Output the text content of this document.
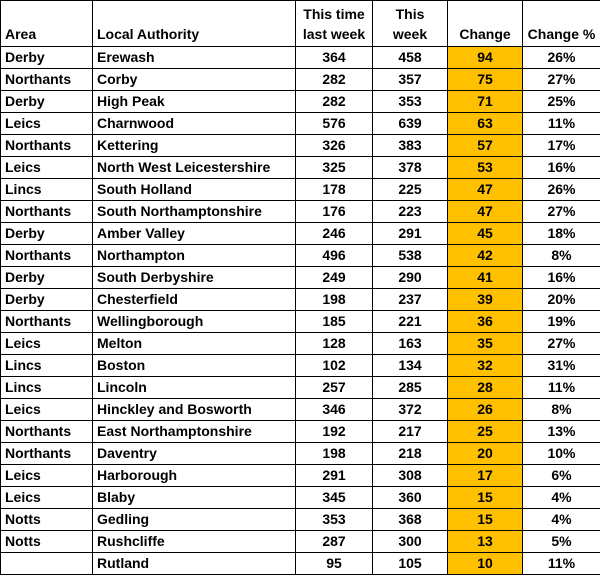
Area	Local Authority	This time last week	This week	Change	Change %
Derby	Erewash	364	458	94	26%
Northants	Corby	282	357	75	27%
Derby	High Peak	282	353	71	25%
Leics	Charnwood	576	639	63	11%
Northants	Kettering	326	383	57	17%
Leics	North West Leicestershire	325	378	53	16%
Lincs	South Holland	178	225	47	26%
Northants	South Northamptonshire	176	223	47	27%
Derby	Amber Valley	246	291	45	18%
Northants	Northampton	496	538	42	8%
Derby	South Derbyshire	249	290	41	16%
Derby	Chesterfield	198	237	39	20%
Northants	Wellingborough	185	221	36	19%
Leics	Melton	128	163	35	27%
Lincs	Boston	102	134	32	31%
Lincs	Lincoln	257	285	28	11%
Leics	Hinckley and Bosworth	346	372	26	8%
Northants	East Northamptonshire	192	217	25	13%
Northants	Daventry	198	218	20	10%
Leics	Harborough	291	308	17	6%
Leics	Blaby	345	360	15	4%
Notts	Gedling	353	368	15	4%
Notts	Rushcliffe	287	300	13	5%
	Rutland	95	105	10	11%
